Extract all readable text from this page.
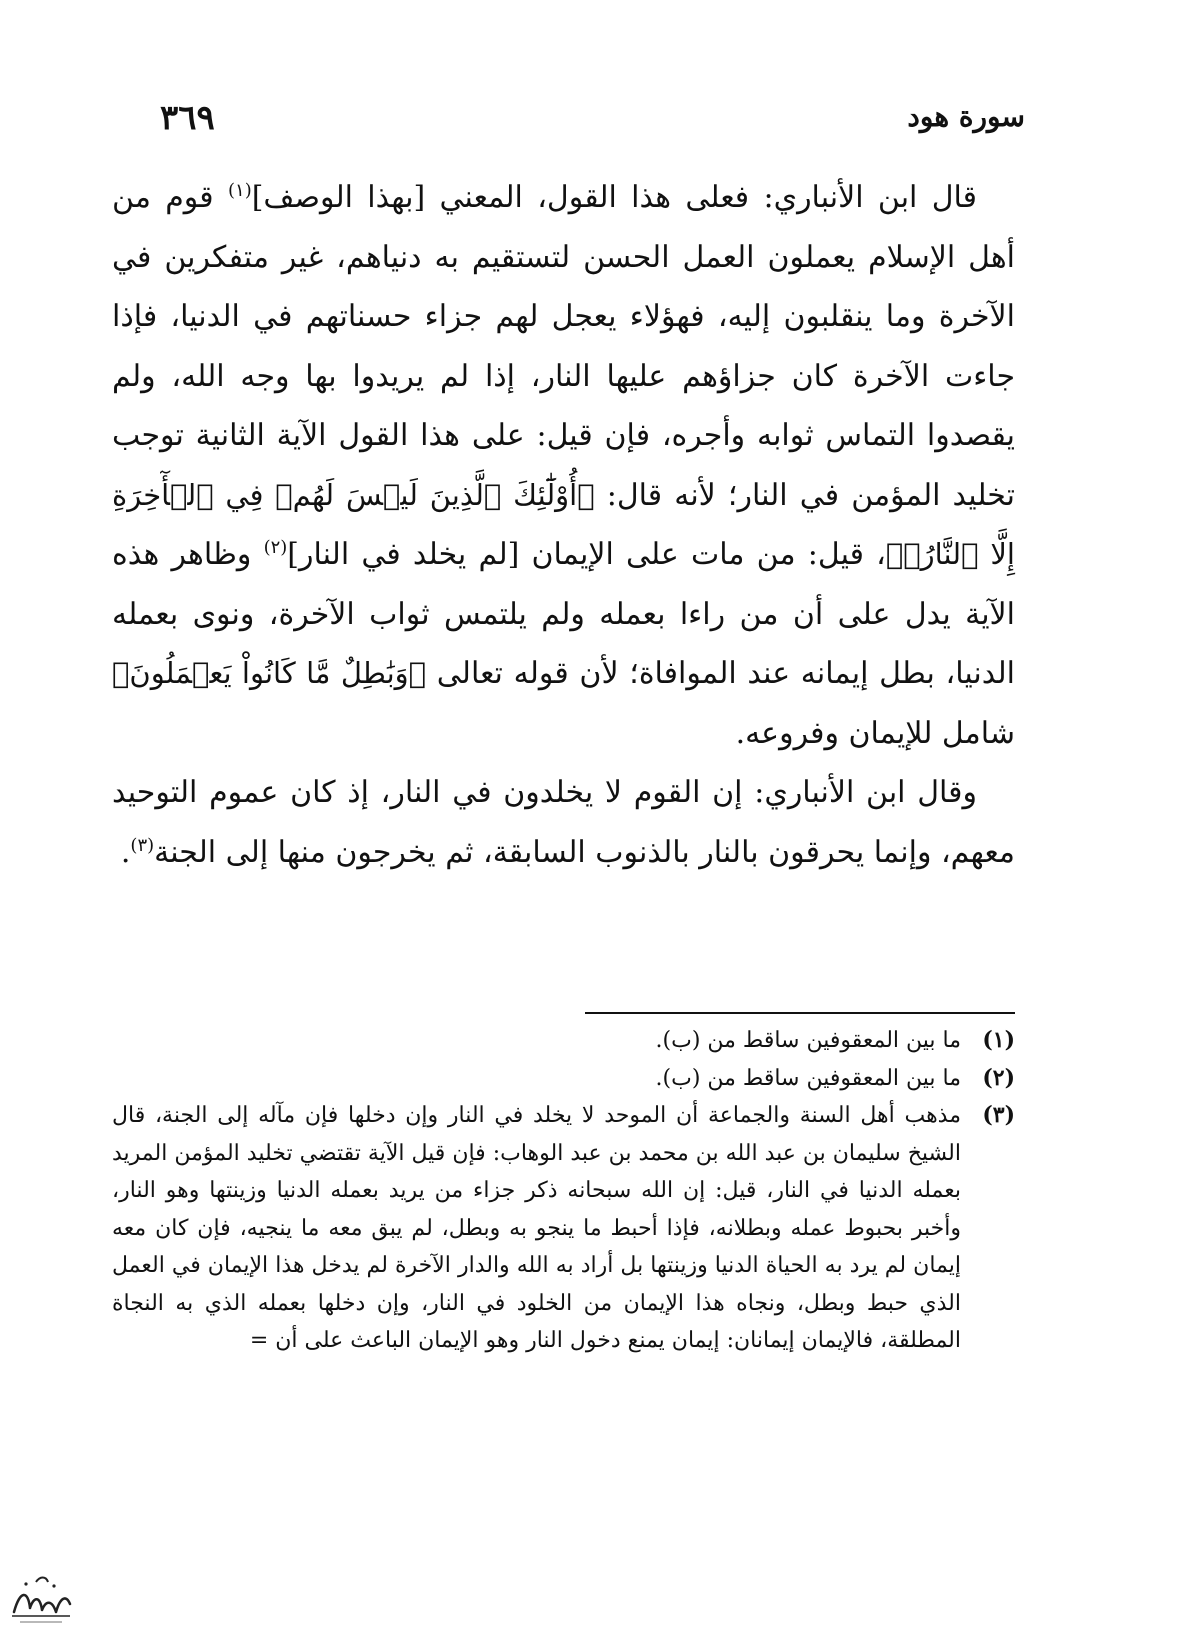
٣٦٩	سورة هود

قال ابن الأنباري: فعلى هذا القول، المعني [بهذا الوصف]$^{(١)}$ قوم من أهل الإسلام يعملون العمل الحسن لتستقيم به دنياهم، غير متفكرين في الآخرة وما ينقلبون إليه، فهؤلاء يعجل لهم جزاء حسناتهم في الدنيا، فإذا جاءت الآخرة كان جزاؤهم عليها النار، إذا لم يريدوا بها وجه الله، ولم يقصدوا التماس ثوابه وأجره، فإن قيل: على هذا القول الآية الثانية توجب تخليد المؤمن في النار؛ لأنه قال: ﴿أُوْلَٰٓئِكَ ٱلَّذِينَ لَيۡسَ لَهُمۡ فِي ٱلۡأٓخِرَةِ إِلَّا ٱلنَّارُۖ﴾، قيل: من مات على الإيمان [لم يخلد في النار]$^{(٢)}$ وظاهر هذه الآية يدل على أن من راءا بعمله ولم يلتمس ثواب الآخرة، ونوى بعمله الدنيا، بطل إيمانه عند الموافاة؛ لأن قوله تعالى ﴿وَبَٰطِلٌ مَّا كَانُواْ يَعۡمَلُونَ﴾ شامل للإيمان وفروعه.

وقال ابن الأنباري: إن القوم لا يخلدون في النار، إذ كان عموم التوحيد معهم، وإنما يحرقون بالنار بالذنوب السابقة، ثم يخرجون منها إلى الجنة$^{(٣)}$.

(١)
ما بين المعقوفين ساقط من (ب).
(٢)
ما بين المعقوفين ساقط من (ب).
(٣)
مذهب أهل السنة والجماعة أن الموحد لا يخلد في النار وإن دخلها فإن مآله إلى الجنة، قال الشيخ سليمان بن عبد الله بن محمد بن عبد الوهاب: فإن قيل الآية تقتضي تخليد المؤمن المريد بعمله الدنيا في النار، قيل: إن الله سبحانه ذكر جزاء من يريد بعمله الدنيا وزينتها وهو النار، وأخبر بحبوط عمله وبطلانه، فإذا أحبط ما ينجو به وبطل، لم يبق معه ما ينجيه، فإن كان معه إيمان لم يرد به الحياة الدنيا وزينتها بل أراد به الله والدار الآخرة لم يدخل هذا الإيمان في العمل الذي حبط وبطل، ونجاه هذا الإيمان من الخلود في النار، وإن دخلها بعمله الذي به النجاة المطلقة، فالإيمان إيمانان: إيمان يمنع دخول النار وهو الإيمان الباعث على أن =
